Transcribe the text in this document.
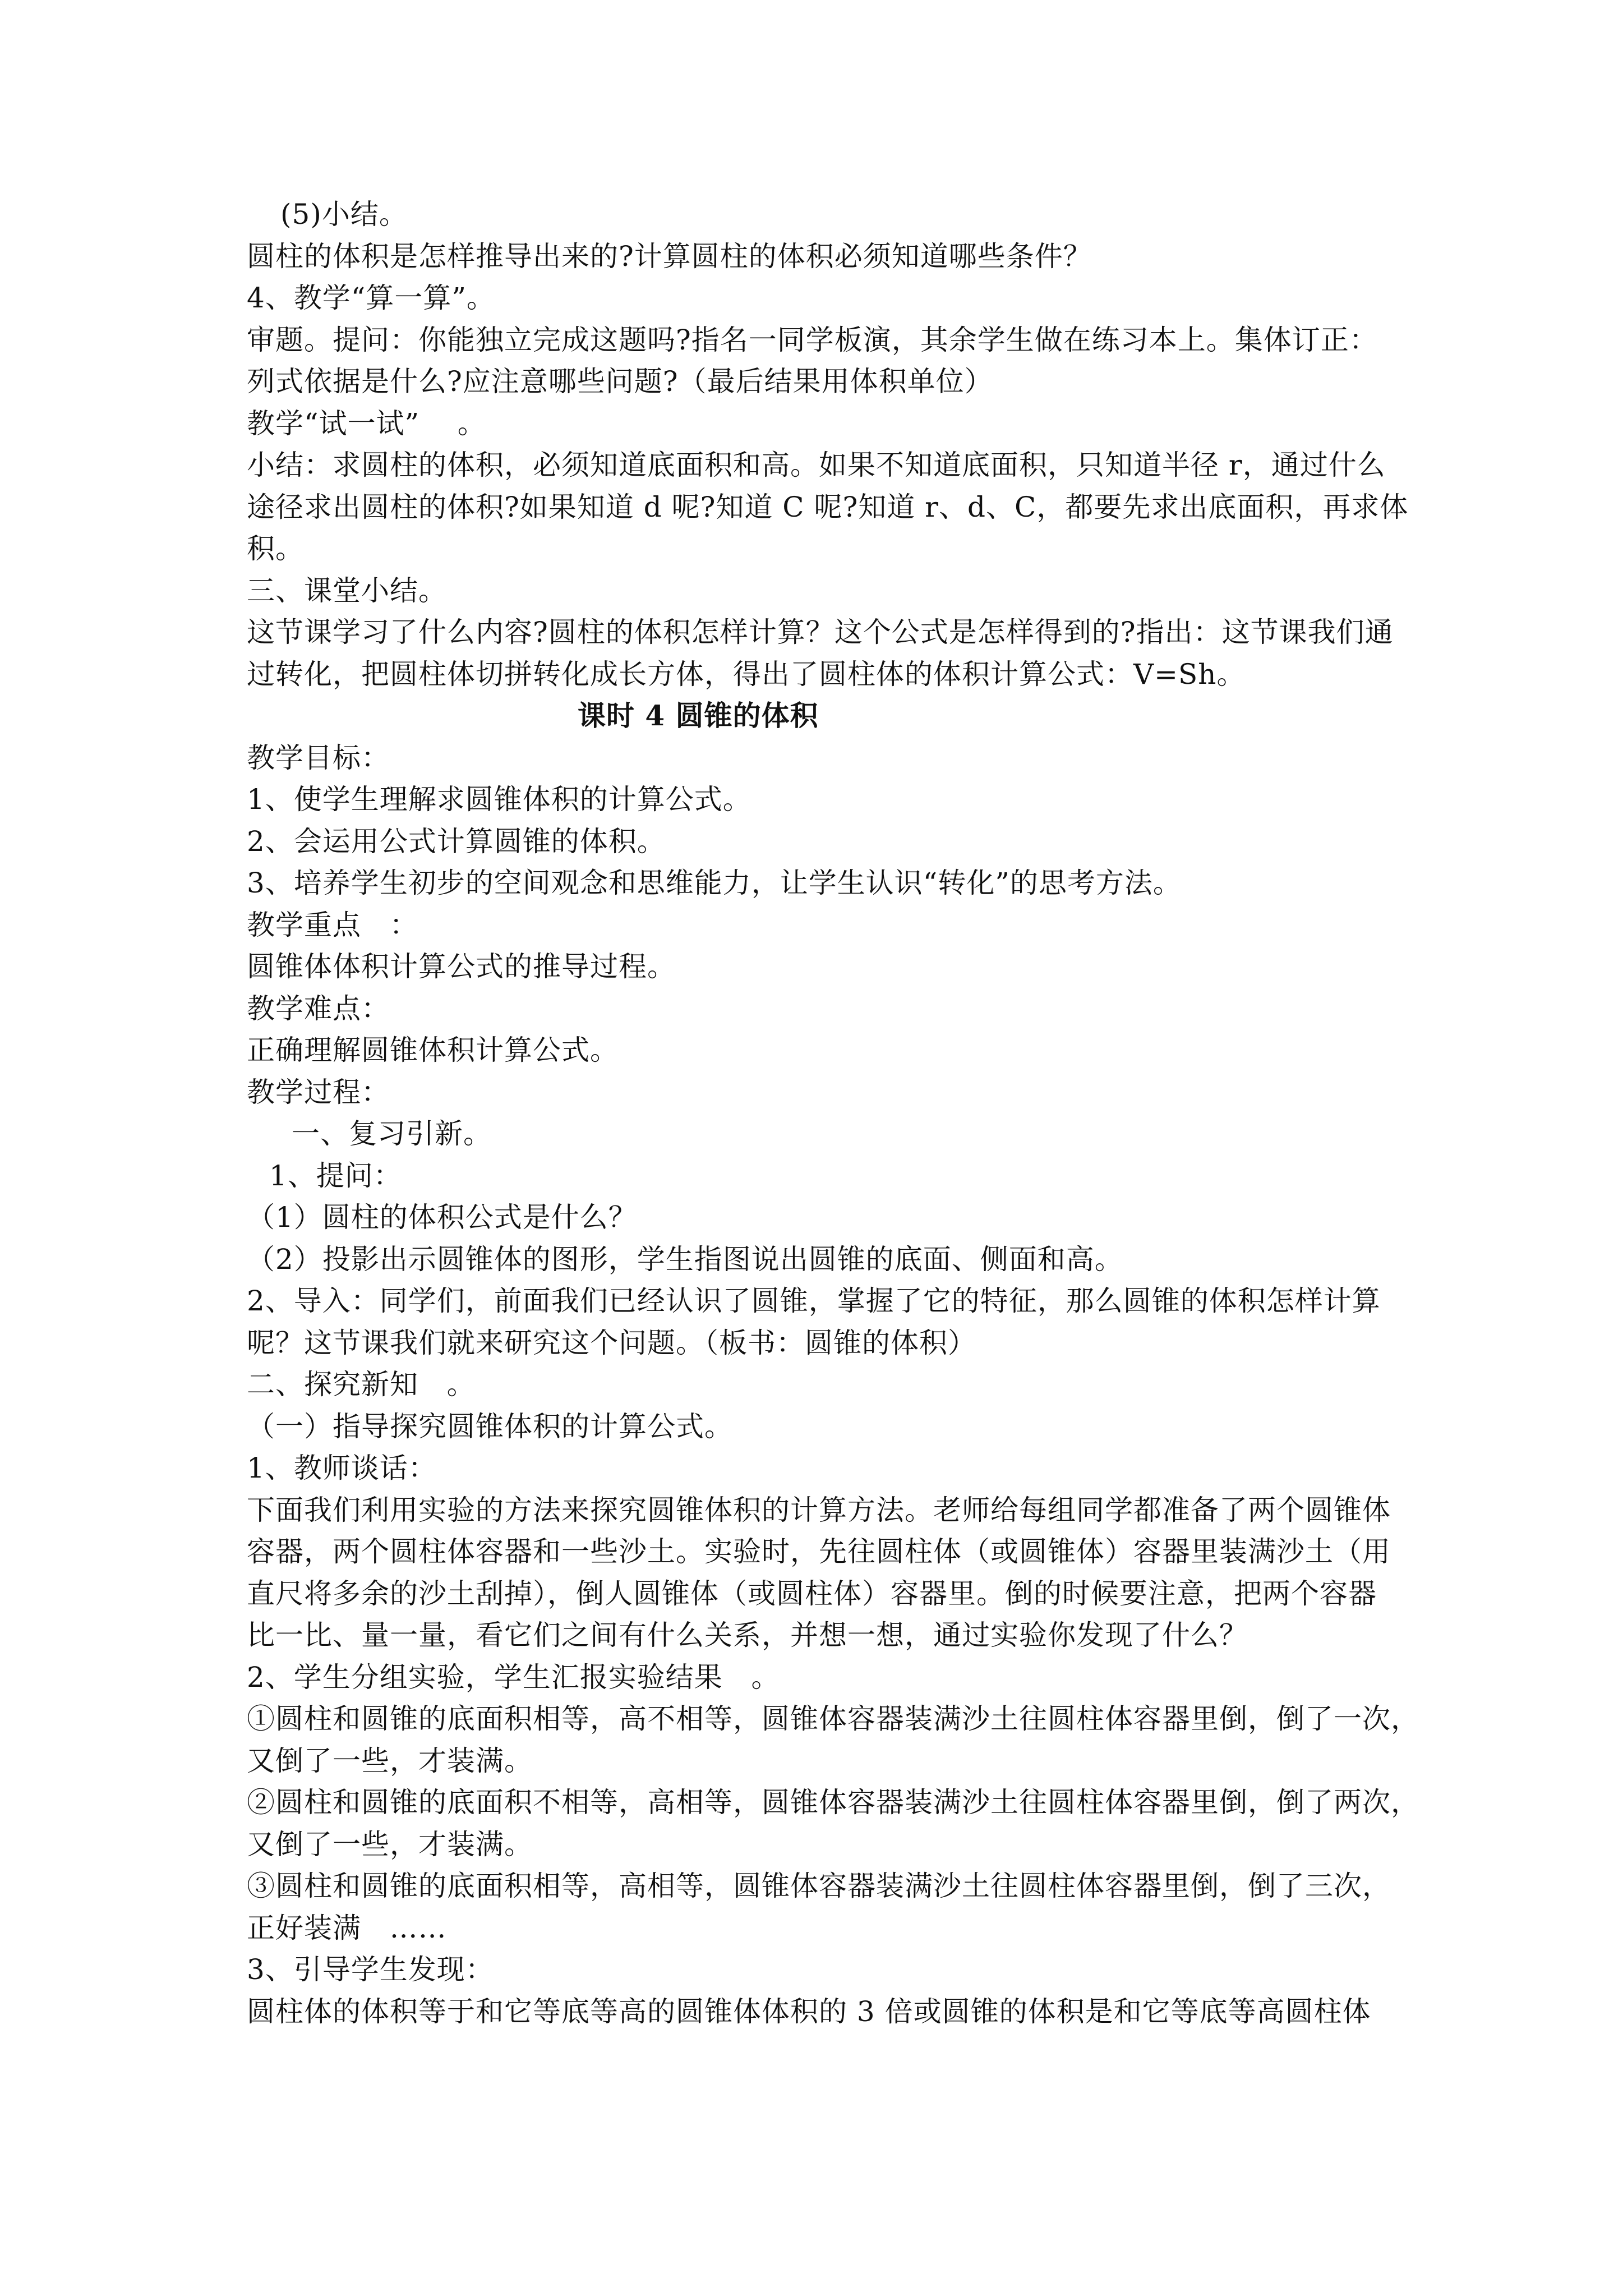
(5)小结。
圆柱的体积是怎样推导出来的?计算圆柱的体积必须知道哪些条件？
4、教学“算一算”。
审题。提问：你能独立完成这题吗?指名一同学板演，其余学生做在练习本上。集体订正：
列式依据是什么?应注意哪些问题?（最后结果用体积单位）
教学“试一试”    。
小结：求圆柱的体积，必须知道底面积和高。如果不知道底面积，只知道半径 r，通过什么
途径求出圆柱的体积?如果知道 d 呢?知道 C 呢?知道 r、d、C，都要先求出底面积，再求体
积。
三、课堂小结。
这节课学习了什么内容?圆柱的体积怎样计算？这个公式是怎样得到的?指出：这节课我们通
过转化，把圆柱体切拼转化成长方体，得出了圆柱体的体积计算公式：V=Sh。
课时 4 圆锥的体积
教学目标：
1、使学生理解求圆锥体积的计算公式。
2、会运用公式计算圆锥的体积。
3、培养学生初步的空间观念和思维能力，让学生认识“转化”的思考方法。
教学重点   ：
圆锥体体积计算公式的推导过程。
教学难点：
正确理解圆锥体积计算公式。
教学过程：
一、复习引新。
1、提问：
（1）圆柱的体积公式是什么？
（2）投影出示圆锥体的图形，学生指图说出圆锥的底面、侧面和高。
2、导入：同学们，前面我们已经认识了圆锥，掌握了它的特征，那么圆锥的体积怎样计算
呢？这节课我们就来研究这个问题。（板书：圆锥的体积）
二、探究新知   。
（一）指导探究圆锥体积的计算公式。
1、教师谈话：
下面我们利用实验的方法来探究圆锥体积的计算方法。老师给每组同学都准备了两个圆锥体
容器，两个圆柱体容器和一些沙土。实验时，先往圆柱体（或圆锥体）容器里装满沙土（用
直尺将多余的沙土刮掉），倒人圆锥体（或圆柱体）容器里。倒的时候要注意，把两个容器
比一比、量一量，看它们之间有什么关系，并想一想，通过实验你发现了什么？
2、学生分组实验，学生汇报实验结果   。
①圆柱和圆锥的底面积相等，高不相等，圆锥体容器装满沙土往圆柱体容器里倒，倒了一次，
又倒了一些，才装满。
②圆柱和圆锥的底面积不相等，高相等，圆锥体容器装满沙土往圆柱体容器里倒，倒了两次，
又倒了一些，才装满。
③圆柱和圆锥的底面积相等，高相等，圆锥体容器装满沙土往圆柱体容器里倒，倒了三次，
正好装满   ……
3、引导学生发现：
圆柱体的体积等于和它等底等高的圆锥体体积的 3 倍或圆锥的体积是和它等底等高圆柱体
